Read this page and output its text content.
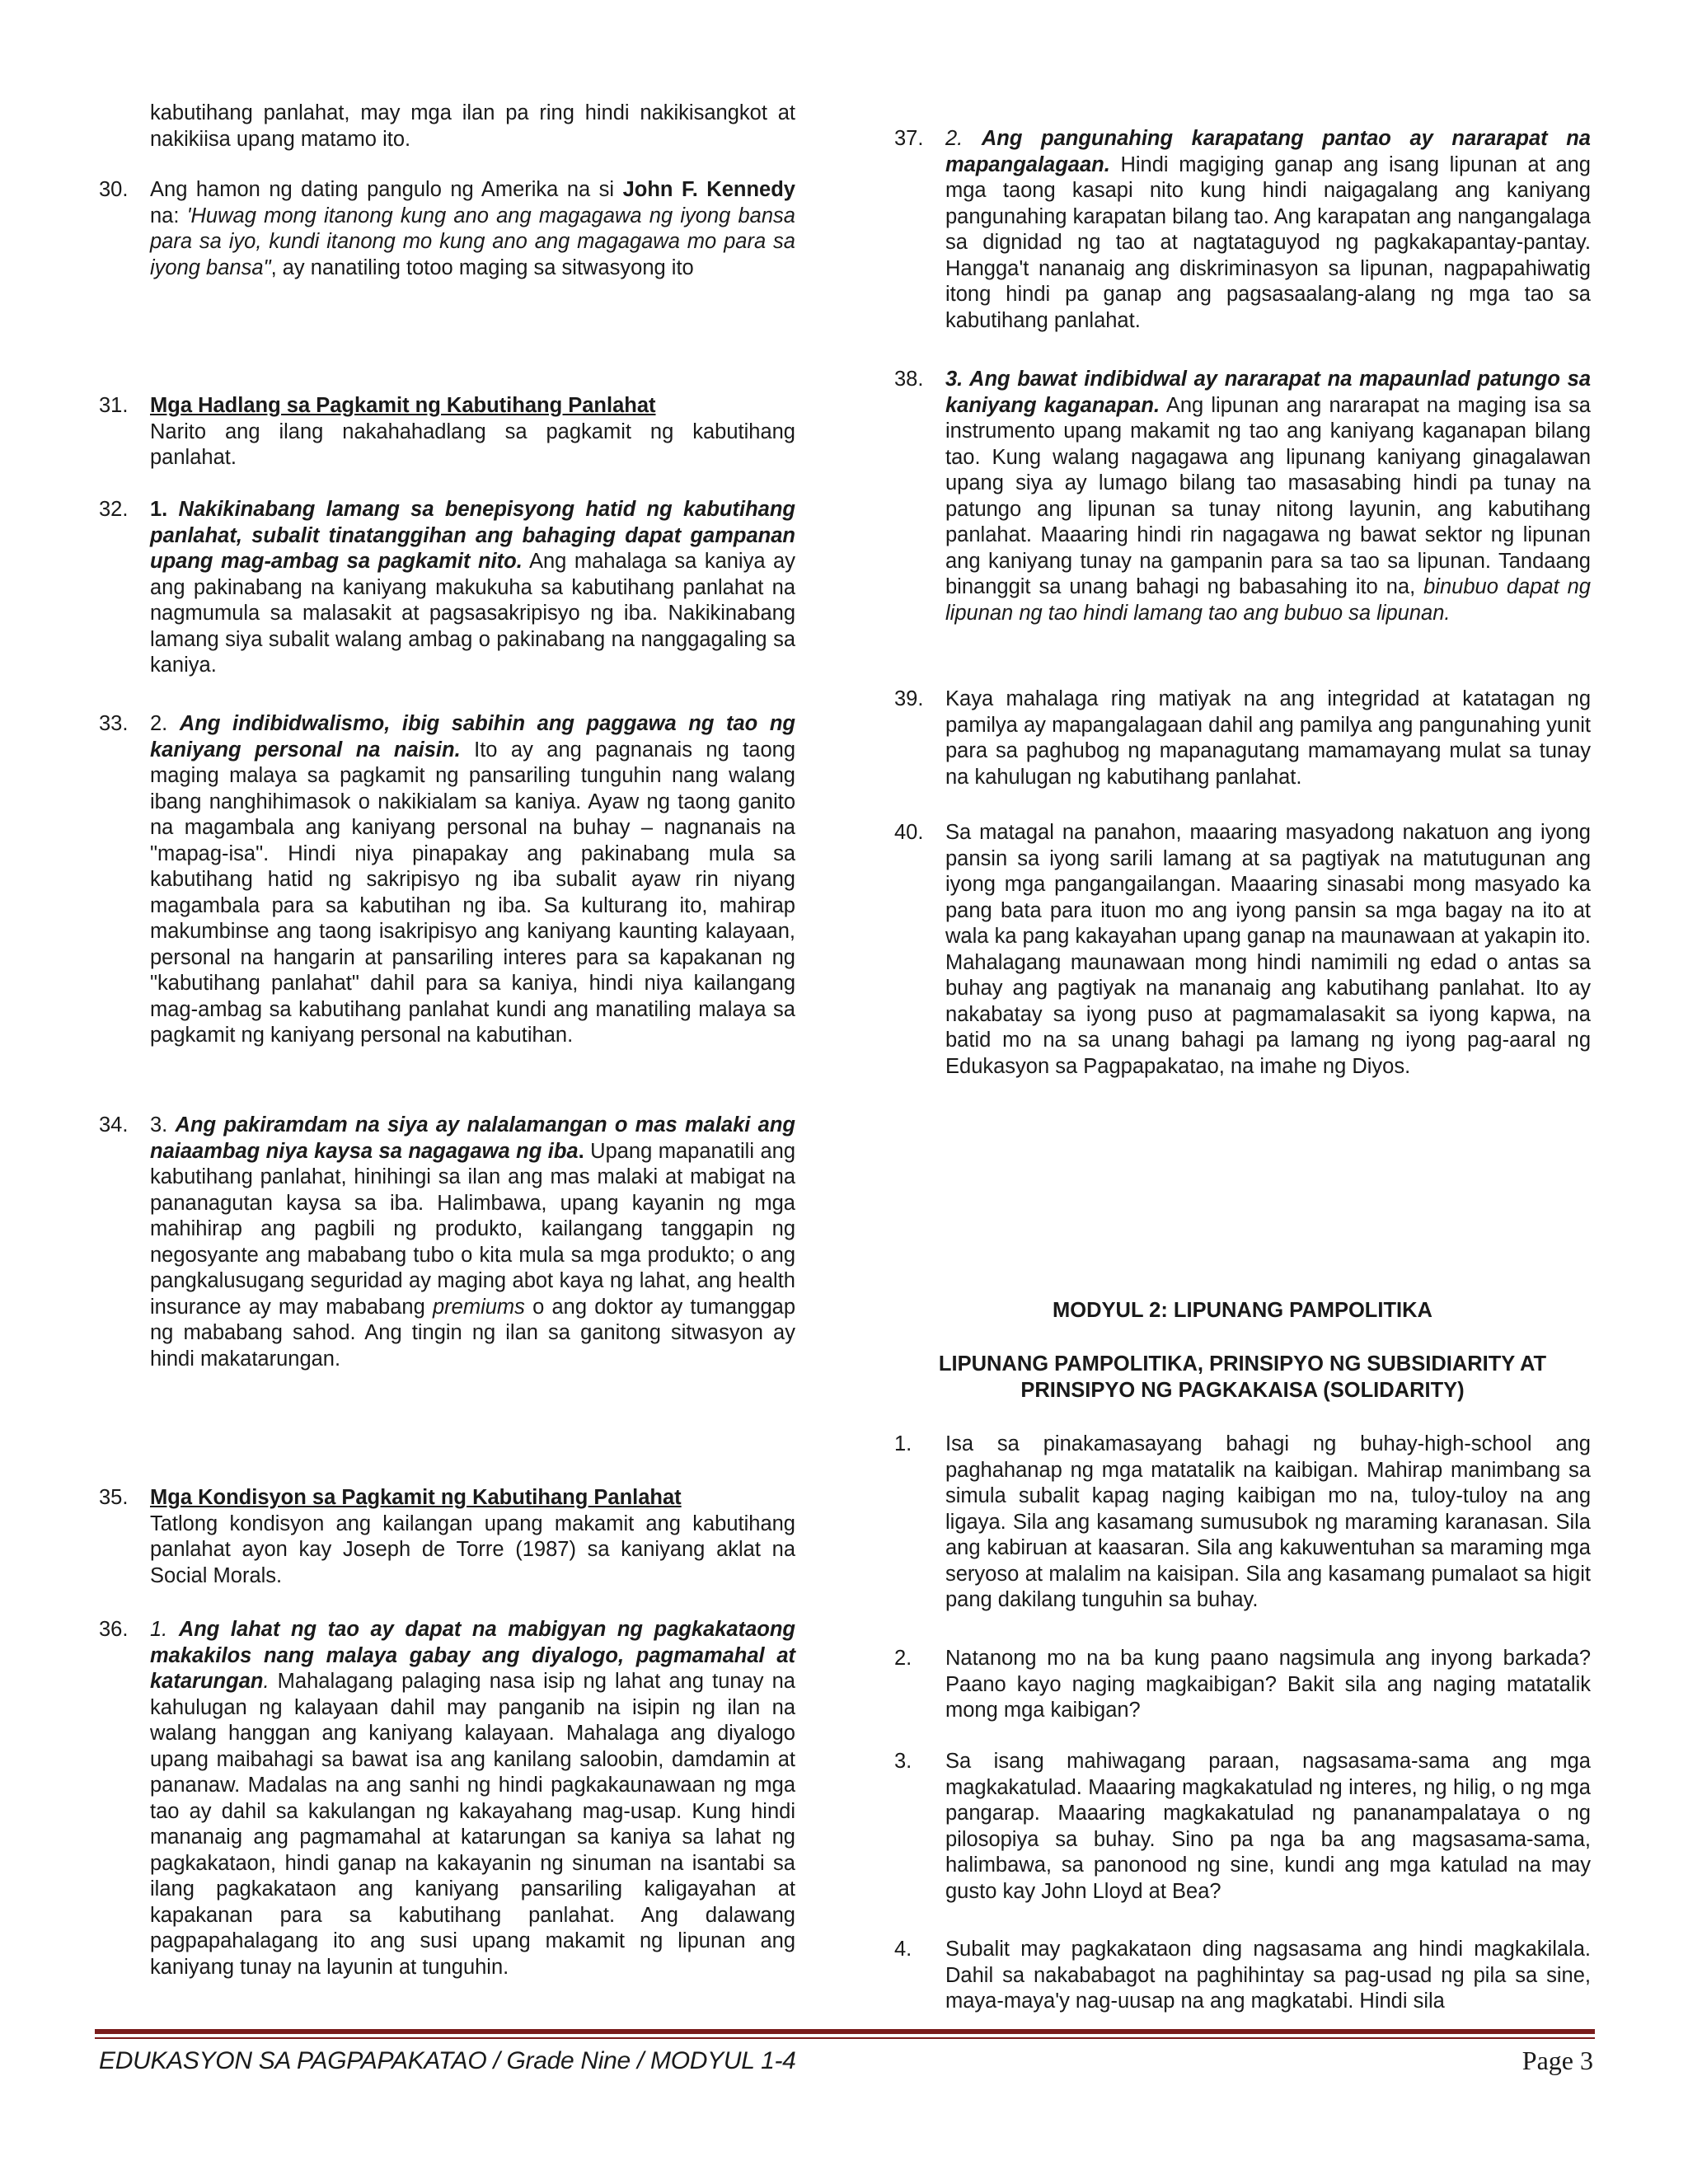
kabutihang panlahat, may mga ilan pa ring hindi nakikisangkot at nakikiisa upang matamo ito.
30.	Ang hamon ng dating pangulo ng Amerika na si John F. Kennedy na: 'Huwag mong itanong kung ano ang magagawa ng iyong bansa para sa iyo, kundi itanong mo kung ano ang magagawa mo para sa iyong bansa", ay nanatiling totoo maging sa sitwasyong ito
31.	Mga Hadlang sa Pagkamit ng Kabutihang Panlahat
Narito ang ilang nakahahadlang sa pagkamit ng kabutihang panlahat.
32.	1. Nakikinabang lamang sa benepisyong hatid ng kabutihang panlahat, subalit tinatanggihan ang bahaging dapat gampanan upang mag-ambag sa pagkamit nito. Ang mahalaga sa kaniya ay ang pakinabang na kaniyang makukuha sa kabutihang panlahat na nagmumula sa malasakit at pagsasakripisyo ng iba. Nakikinabang lamang siya subalit walang ambag o pakinabang na nanggagaling sa kaniya.
33.	2. Ang indibidwalismo, ibig sabihin ang paggawa ng tao ng kaniyang personal na naisin. Ito ay ang pagnanais ng taong maging malaya sa pagkamit ng pansariling tunguhin nang walang ibang nanghihimasok o nakikialam sa kaniya. Ayaw ng taong ganito na magambala ang kaniyang personal na buhay – nagnanais na "mapag-isa". Hindi niya pinapakay ang pakinabang mula sa kabutihang hatid ng sakripisyo ng iba subalit ayaw rin niyang magambala para sa kabutihan ng iba. Sa kulturang ito, mahirap makumbinse ang taong isakripisyo ang kaniyang kaunting kalayaan, personal na hangarin at pansariling interes para sa kapakanan ng "kabutihang panlahat" dahil para sa kaniya, hindi niya kailangang mag-ambag sa kabutihang panlahat kundi ang manatiling malaya sa pagkamit ng kaniyang personal na kabutihan.
34.	3. Ang pakiramdam na siya ay nalalamangan o mas malaki ang naiaambag niya kaysa sa nagagawa ng iba. Upang mapanatili ang kabutihang panlahat, hinihingi sa ilan ang mas malaki at mabigat na pananagutan kaysa sa iba. Halimbawa, upang kayanin ng mga mahihirap ang pagbili ng produkto, kailangang tanggapin ng negosyante ang mababang tubo o kita mula sa mga produkto; o ang pangkalusugang seguridad ay maging abot kaya ng lahat, ang health insurance ay may mababang premiums o ang doktor ay tumanggap ng mababang sahod. Ang tingin ng ilan sa ganitong sitwasyon ay hindi makatarungan.
35.	Mga Kondisyon sa Pagkamit ng Kabutihang Panlahat
Tatlong kondisyon ang kailangan upang makamit ang kabutihang panlahat ayon kay Joseph de Torre (1987) sa kaniyang aklat na Social Morals.
36.	1. Ang lahat ng tao ay dapat na mabigyan ng pagkakataong makakilos nang malaya gabay ang diyalogo, pagmamahal at katarungan. Mahalagang palaging nasa isip ng lahat ang tunay na kahulugan ng kalayaan dahil may panganib na isipin ng ilan na walang hanggan ang kaniyang kalayaan. Mahalaga ang diyalogo upang maibahagi sa bawat isa ang kanilang saloobin, damdamin at pananaw. Madalas na ang sanhi ng hindi pagkakaunawaan ng mga tao ay dahil sa kakulangan ng kakayahang mag-usap. Kung hindi mananaig ang pagmamahal at katarungan sa kaniya sa lahat ng pagkakataon, hindi ganap na kakayanin ng sinuman na isantabi sa ilang pagkakataon ang kaniyang pansariling kaligayahan at kapakanan para sa kabutihang panlahat. Ang dalawang pagpapahalagang ito ang susi upang makamit ng lipunan ang kaniyang tunay na layunin at tunguhin.
37.	2. Ang pangunahing karapatang pantao ay nararapat na mapangalagaan. Hindi magiging ganap ang isang lipunan at ang mga taong kasapi nito kung hindi naigagalang ang kaniyang pangunahing karapatan bilang tao. Ang karapatan ang nangangalaga sa dignidad ng tao at nagtataguyod ng pagkakapantay-pantay. Hangga't nananaig ang diskriminasyon sa lipunan, nagpapahiwatig itong hindi pa ganap ang pagsasaalang-alang ng mga tao sa kabutihang panlahat.
38.	3. Ang bawat indibidwal ay nararapat na mapaunlad patungo sa kaniyang kaganapan. Ang lipunan ang nararapat na maging isa sa instrumento upang makamit ng tao ang kaniyang kaganapan bilang tao. Kung walang nagagawa ang lipunang kaniyang ginagalawan upang siya ay lumago bilang tao masasabing hindi pa tunay na patungo ang lipunan sa tunay nitong layunin, ang kabutihang panlahat. Maaaring hindi rin nagagawa ng bawat sektor ng lipunan ang kaniyang tunay na gampanin para sa tao sa lipunan. Tandaang binanggit sa unang bahagi ng babasahing ito na, binubuo dapat ng lipunan ng tao hindi lamang tao ang bubuo sa lipunan.
39.	Kaya mahalaga ring matiyak na ang integridad at katatagan ng pamilya ay mapangalagaan dahil ang pamilya ang pangunahing yunit para sa paghubog ng mapanagutang mamamayang mulat sa tunay na kahulugan ng kabutihang panlahat.
40.	Sa matagal na panahon, maaaring masyadong nakatuon ang iyong pansin sa iyong sarili lamang at sa pagtiyak na matutugunan ang iyong mga pangangailangan. Maaaring sinasabi mong masyado ka pang bata para ituon mo ang iyong pansin sa mga bagay na ito at wala ka pang kakayahan upang ganap na maunawaan at yakapin ito. Mahalagang maunawaan mong hindi namimili ng edad o antas sa buhay ang pagtiyak na mananaig ang kabutihang panlahat. Ito ay nakabatay sa iyong puso at pagmamalasakit sa iyong kapwa, na batid mo na sa unang bahagi pa lamang ng iyong pag-aaral ng Edukasyon sa Pagpapakatao, na imahe ng Diyos.
MODYUL 2: LIPUNANG PAMPOLITIKA
LIPUNANG PAMPOLITIKA, PRINSIPYO NG SUBSIDIARITY AT PRINSIPYO NG PAGKAKAISA (SOLIDARITY)
1.	Isa sa pinakamasayang bahagi ng buhay-high-school ang paghahanap ng mga matatalik na kaibigan. Mahirap manimbang sa simula subalit kapag naging kaibigan mo na, tuloy-tuloy na ang ligaya. Sila ang kasamang sumusubok ng maraming karanasan. Sila ang kabiruan at kaasaran. Sila ang kakuwentuhan sa maraming mga seryoso at malalim na kaisipan. Sila ang kasamang pumalaot sa higit pang dakilang tunguhin sa buhay.
2.	Natanong mo na ba kung paano nagsimula ang inyong barkada? Paano kayo naging magkaibigan? Bakit sila ang naging matatalik mong mga kaibigan?
3.	Sa isang mahiwagang paraan, nagsasama-sama ang mga magkakatulad. Maaaring magkakatulad ng interes, ng hilig, o ng mga pangarap. Maaaring magkakatulad ng pananampalataya o ng pilosopiya sa buhay. Sino pa nga ba ang magsasama-sama, halimbawa, sa panonood ng sine, kundi ang mga katulad na may gusto kay John Lloyd at Bea?
4.	Subalit may pagkakataon ding nagsasama ang hindi magkakilala. Dahil sa nakababagot na paghihintay sa pag-usad ng pila sa sine, maya-maya'y nag-uusap na ang magkatabi. Hindi sila
EDUKASYON SA PAGPAPAKATAO / Grade Nine / MODYUL 1-4	Page 3
